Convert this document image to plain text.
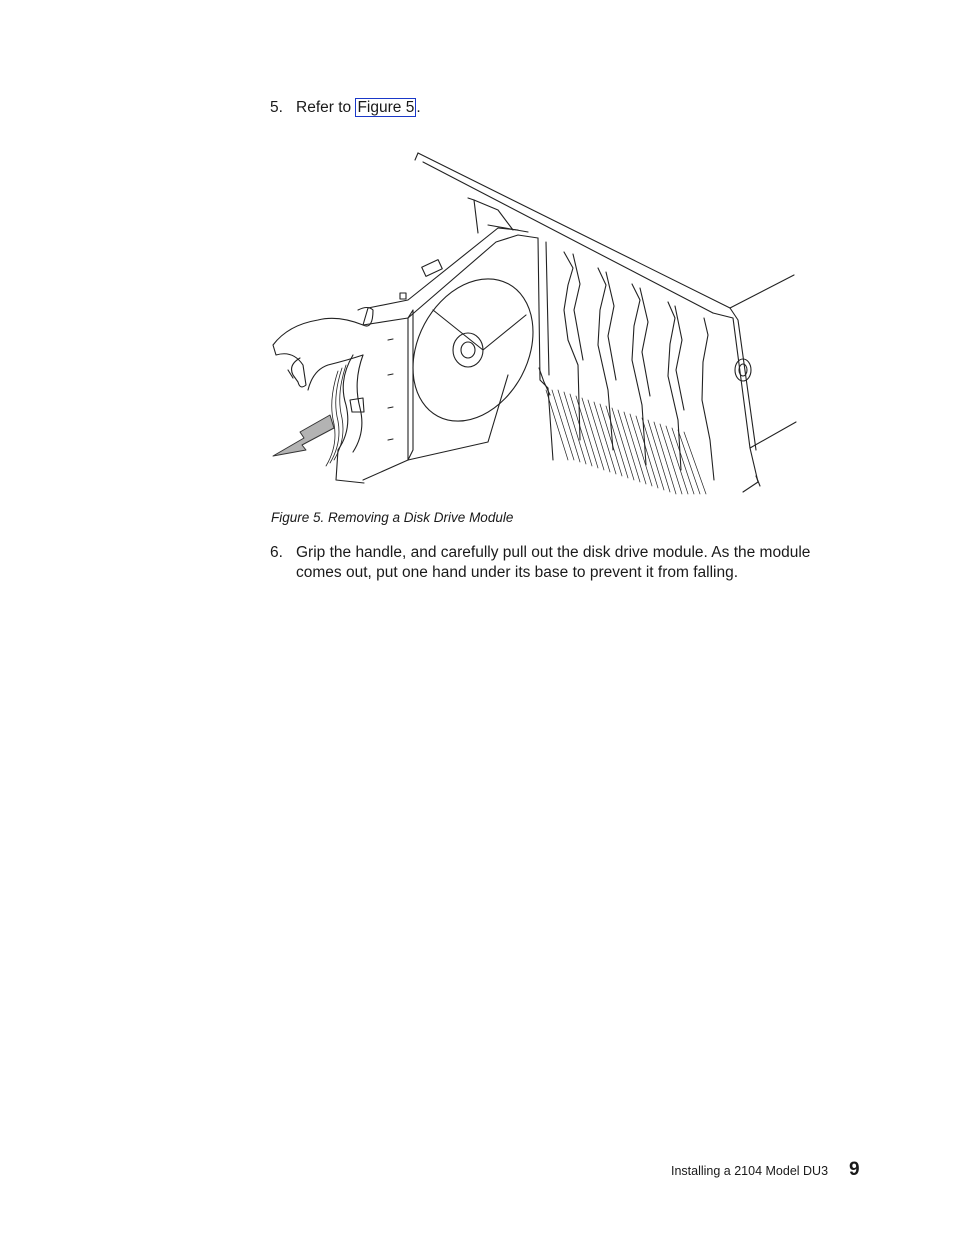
5. Refer to Figure 5 .
Figure 5. Removing a Disk Drive Module
6. Grip the handle, and carefully pull out the disk drive module. As the module
comes out, put one hand under its base to prevent it from falling.
Installing a 2104 Model DU3 9
